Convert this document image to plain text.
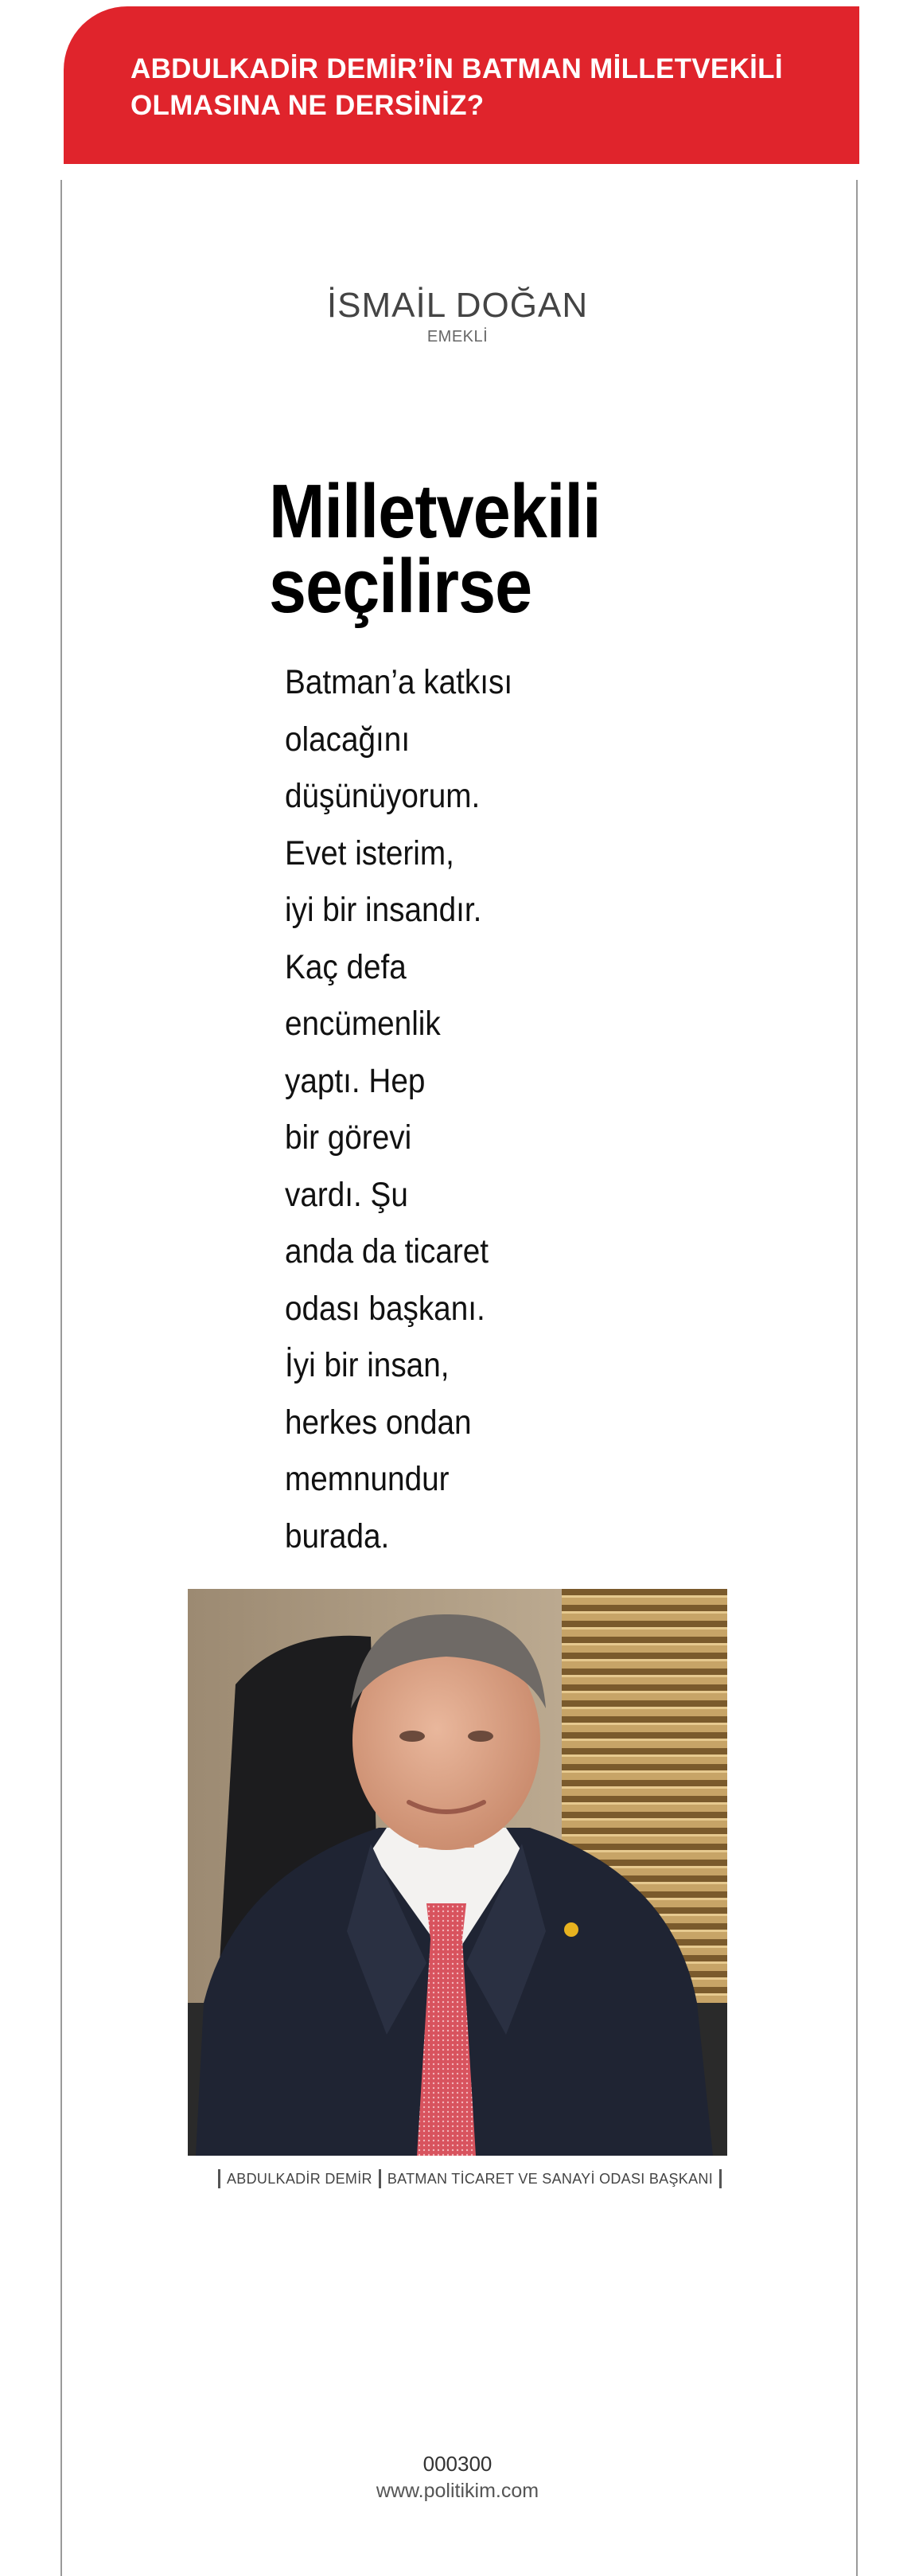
ABDULKADİR DEMİR’İN BATMAN MİLLETVEKİLİ OLMASINA NE DERSİNİZ?
İSMAİL DOĞAN
EMEKLİ
Milletvekili
seçilirse
Batman’a katkısı
olacağını
düşünüyorum.
Evet isterim,
iyi bir insandır.
Kaç defa
encümenlik
yaptı. Hep
bir görevi
vardı. Şu
anda da ticaret
odası başkanı.
İyi bir insan,
herkes ondan
memnundur
burada.
ABDULKADİR DEMİR BATMAN TİCARET VE SANAYİ ODASI BAŞKANI
000300
www.politikim.com
